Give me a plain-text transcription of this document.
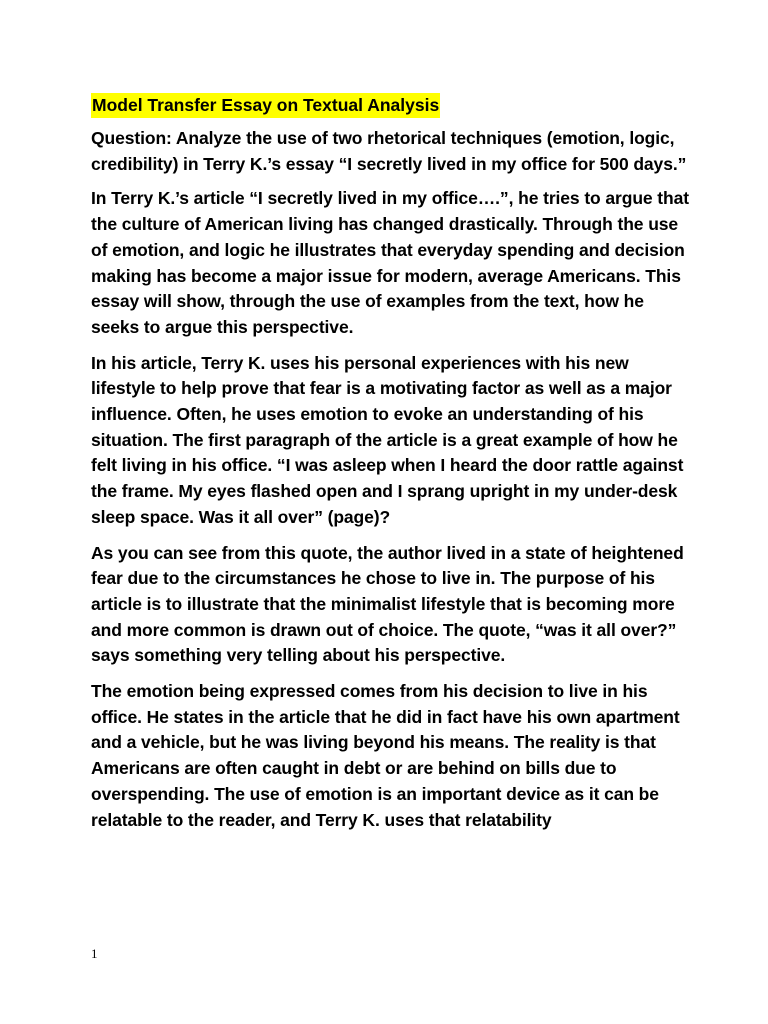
Model Transfer Essay on Textual Analysis

Question: Analyze the use of two rhetorical techniques (emotion, logic, credibility) in Terry K.’s essay “I secretly lived in my office for 500 days.”

In Terry K.’s article “I secretly lived in my office….”, he tries to argue that the culture of American living has changed drastically. Through the use of emotion, and logic he illustrates that everyday spending and decision making has become a major issue for modern, average Americans. This essay will show, through the use of examples from the text, how he seeks to argue this perspective.

In his article, Terry K. uses his personal experiences with his new lifestyle to help prove that fear is a motivating factor as well as a major influence. Often, he uses emotion to evoke an understanding of his situation. The first paragraph of the article is a great example of how he felt living in his office. “I was asleep when I heard the door rattle against the frame. My eyes flashed open and I sprang upright in my under-desk sleep space. Was it all over” (page)?

As you can see from this quote, the author lived in a state of heightened fear due to the circumstances he chose to live in. The purpose of his article is to illustrate that the minimalist lifestyle that is becoming more and more common is drawn out of choice. The quote, “was it all over?” says something very telling about his perspective.

The emotion being expressed comes from his decision to live in his office. He states in the article that he did in fact have his own apartment and a vehicle, but he was living beyond his means. The reality is that Americans are often caught in debt or are behind on bills due to overspending. The use of emotion is an important device as it can be relatable to the reader, and Terry K. uses that relatability

1
